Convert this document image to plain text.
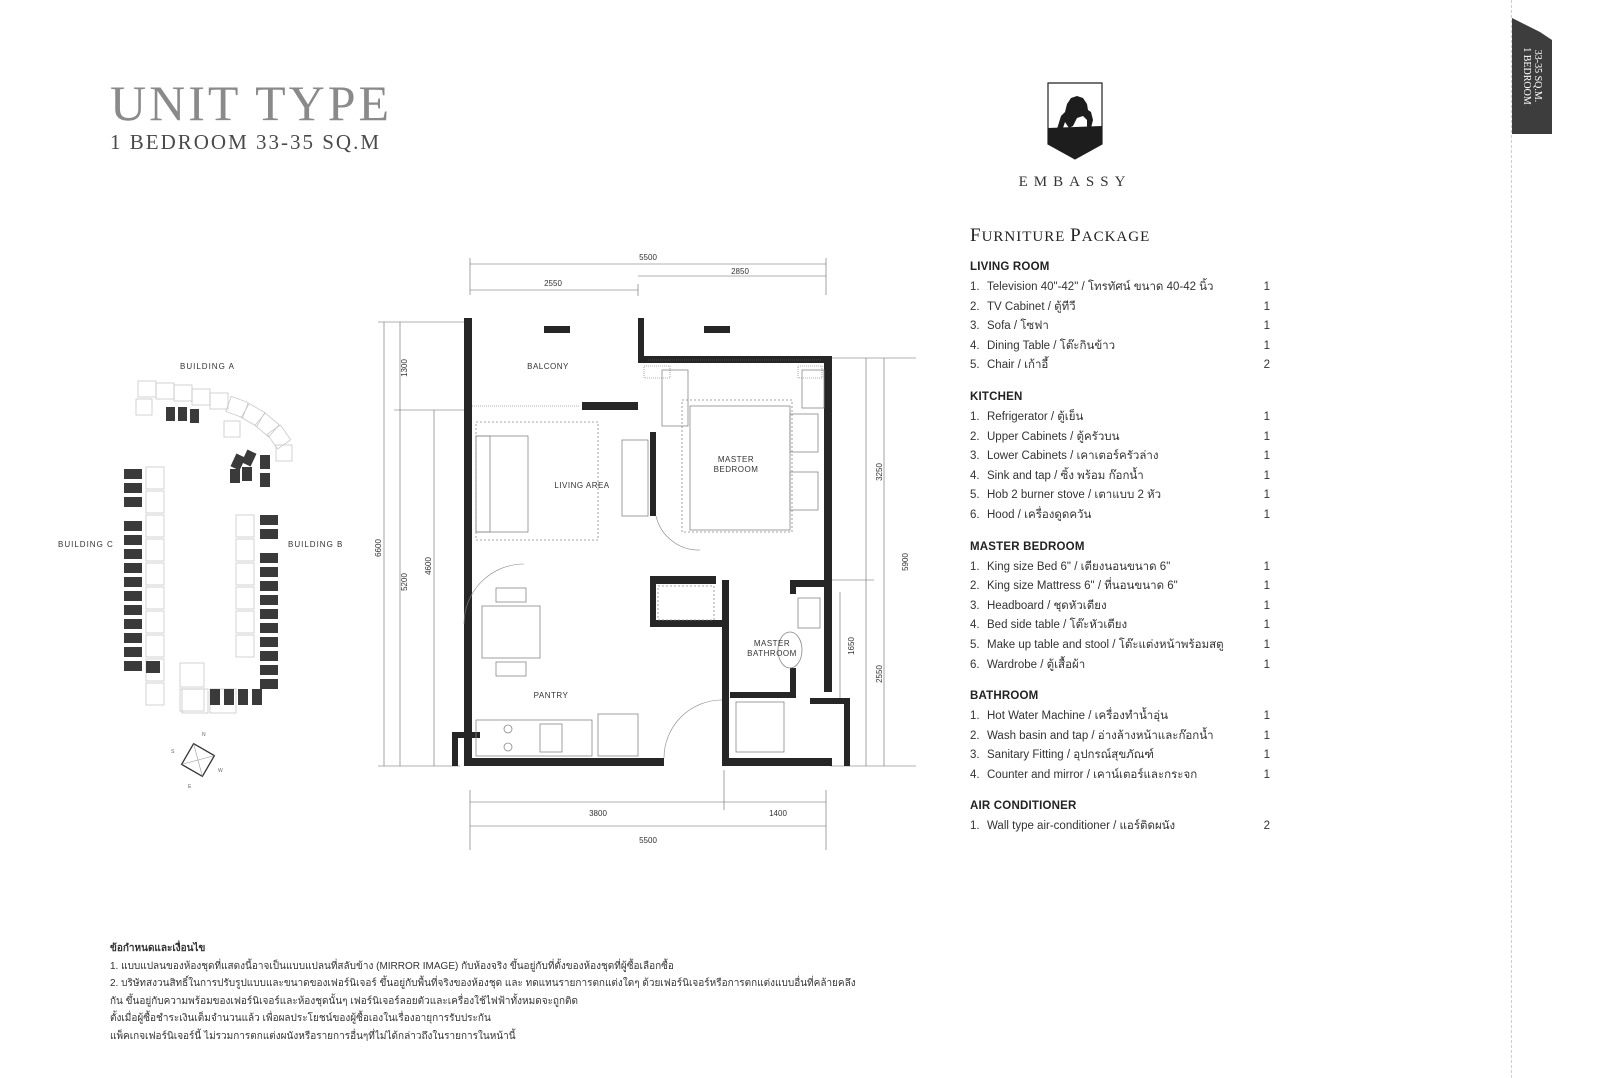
UNIT TYPE
1 BEDROOM 33-35 SQ.M
EMBASSY
33-35 SQ.M.
1 BEDROOM
BUILDING A
BUILDING C	BUILDING B
N
S
E
W
5500
2550
2850
3800	1400
5500
6600
1300
5200
4600
3250
5900
1650
2550
BALCONY
LIVING AREA
MASTER
BEDROOM
MASTER
BATHROOM
PANTRY
FURNITURE PACKAGE
LIVING ROOM
1. Television 40"-42" / โทรทัศน์ ขนาด 40-42 นิ้ว	1
2. TV Cabinet / ตู้ทีวี	1
3. Sofa / โซฟา	1
4. Dining Table / โต๊ะกินข้าว	1
5. Chair / เก้าอี้	2
KITCHEN
1. Refrigerator / ตู้เย็น	1
2. Upper Cabinets / ตู้ครัวบน	1
3. Lower Cabinets / เคาเตอร์ครัวล่าง	1
4. Sink and tap / ซิ้ง พร้อม ก๊อกน้ำ	1
5. Hob 2 burner stove / เตาแบบ 2 หัว	1
6. Hood / เครื่องดูดควัน	1
MASTER BEDROOM
1. King size Bed 6" / เตียงนอนขนาด 6"	1
2. King size Mattress 6" / ที่นอนขนาด 6"	1
3. Headboard / ชุดหัวเตียง	1
4. Bed side table / โต๊ะหัวเตียง	1
5. Make up table and stool / โต๊ะแต่งหน้าพร้อมสตู	1
6. Wardrobe / ตู้เสื้อผ้า	1
BATHROOM
1. Hot Water Machine / เครื่องทำน้ำอุ่น	1
2. Wash basin and tap / อ่างล้างหน้าและก๊อกน้ำ	1
3. Sanitary Fitting / อุปกรณ์สุขภัณฑ์	1
4. Counter and mirror / เคาน์เตอร์และกระจก	1
AIR CONDITIONER
1. Wall type air-conditioner / แอร์ติดผนัง	2
ข้อกำหนดและเงื่อนไข
1. แบบแปลนของห้องชุดที่แสดงนี้อาจเป็นแบบแปลนที่สลับข้าง (MIRROR IMAGE) กับห้องจริง ขึ้นอยู่กับที่ตั้งของห้องชุดที่ผู้ซื้อเลือกซื้อ
2. บริษัทสงวนสิทธิ์ในการปรับรูปแบบและขนาดของเฟอร์นิเจอร์ ขึ้นอยู่กับพื้นที่จริงของห้องชุด และ ทดแทนรายการตกแต่งใดๆ ด้วยเฟอร์นิเจอร์หรือการตกแต่งแบบอื่นที่คล้ายคลึง
กัน ขึ้นอยู่กับความพร้อมของเฟอร์นิเจอร์และห้องชุดนั้นๆ เฟอร์นิเจอร์ลอยตัวและเครื่องใช้ไฟฟ้าทั้งหมดจะถูกติด
ตั้งเมื่อผู้ซื้อชำระเงินเต็มจำนวนแล้ว เพื่อผลประโยชน์ของผู้ซื้อเองในเรื่องอายุการรับประกัน
แพ็คเกจเฟอร์นิเจอร์นี้ ไม่รวมการตกแต่งผนังหรือรายการอื่นๆที่ไม่ได้กล่าวถึงในรายการในหน้านี้
